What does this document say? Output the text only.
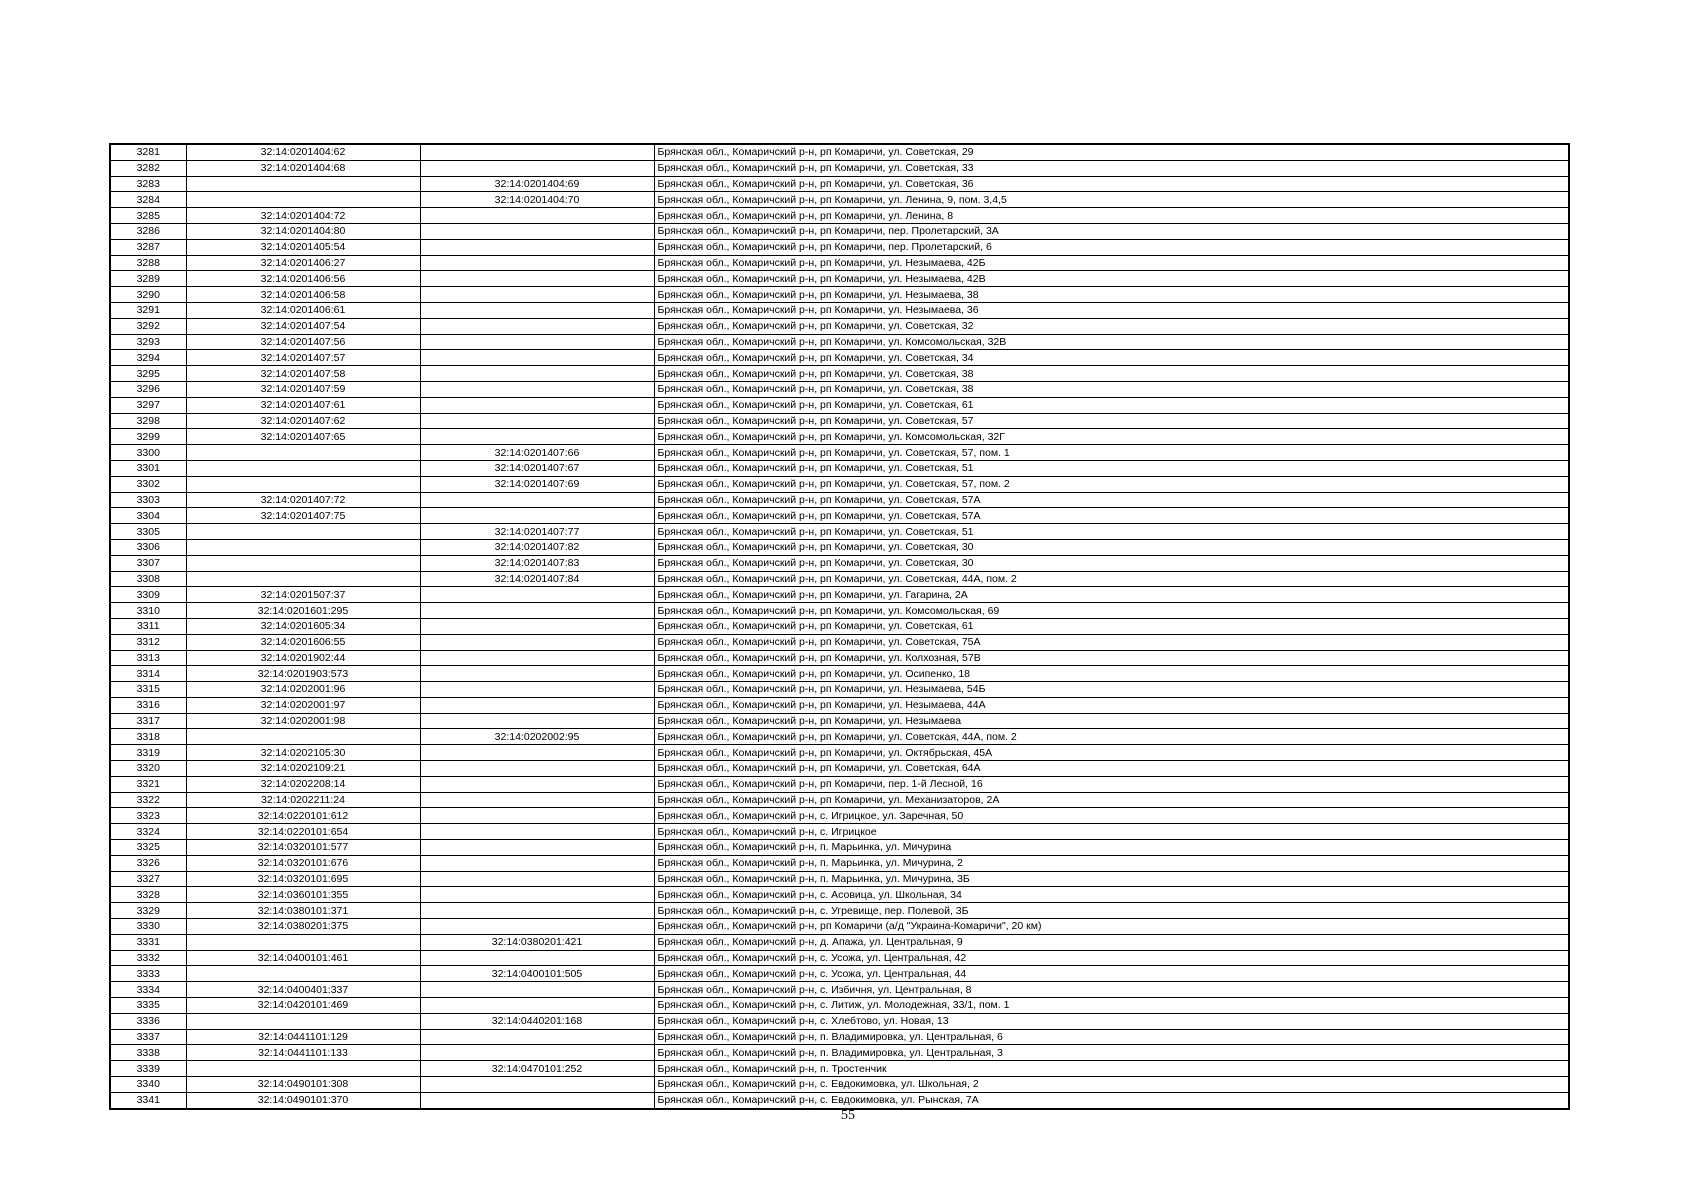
3281	32:14:0201404:62		Брянская обл., Комаричский р-н, рп Комаричи, ул. Советская, 29
3282	32:14:0201404:68		Брянская обл., Комаричский р-н, рп Комаричи, ул. Советская, 33
3283		32:14:0201404:69	Брянская обл., Комаричский р-н, рп Комаричи, ул. Советская, 36
3284		32:14:0201404:70	Брянская обл., Комаричский р-н, рп Комаричи, ул. Ленина, 9, пом. 3,4,5
3285	32:14:0201404:72		Брянская обл., Комаричский р-н, рп Комаричи, ул. Ленина, 8
3286	32:14:0201404:80		Брянская обл., Комаричский р-н, рп Комаричи, пер. Пролетарский, 3А
3287	32:14:0201405:54		Брянская обл., Комаричский р-н, рп Комаричи, пер. Пролетарский, 6
3288	32:14:0201406:27		Брянская обл., Комаричский р-н, рп Комаричи, ул. Незымаева, 42Б
3289	32:14:0201406:56		Брянская обл., Комаричский р-н, рп Комаричи, ул. Незымаева, 42В
3290	32:14:0201406:58		Брянская обл., Комаричский р-н, рп Комаричи, ул. Незымаева, 38
3291	32:14:0201406:61		Брянская обл., Комаричский р-н, рп Комаричи, ул. Незымаева, 36
3292	32:14:0201407:54		Брянская обл., Комаричский р-н, рп Комаричи, ул. Советская, 32
3293	32:14:0201407:56		Брянская обл., Комаричский р-н, рп Комаричи, ул. Комсомольская, 32В
3294	32:14:0201407:57		Брянская обл., Комаричский р-н, рп Комаричи, ул. Советская, 34
3295	32:14:0201407:58		Брянская обл., Комаричский р-н, рп Комаричи, ул. Советская, 38
3296	32:14:0201407:59		Брянская обл., Комаричский р-н, рп Комаричи, ул. Советская, 38
3297	32:14:0201407:61		Брянская обл., Комаричский р-н, рп Комаричи, ул. Советская, 61
3298	32:14:0201407:62		Брянская обл., Комаричский р-н, рп Комаричи, ул. Советская, 57
3299	32:14:0201407:65		Брянская обл., Комаричский р-н, рп Комаричи, ул. Комсомольская, 32Г
3300		32:14:0201407:66	Брянская обл., Комаричский р-н, рп Комаричи, ул. Советская, 57, пом. 1
3301		32:14:0201407:67	Брянская обл., Комаричский р-н, рп Комаричи, ул. Советская, 51
3302		32:14:0201407:69	Брянская обл., Комаричский р-н, рп Комаричи, ул. Советская, 57, пом. 2
3303	32:14:0201407:72		Брянская обл., Комаричский р-н, рп Комаричи, ул. Советская, 57А
3304	32:14:0201407:75		Брянская обл., Комаричский р-н, рп Комаричи, ул. Советская, 57А
3305		32:14:0201407:77	Брянская обл., Комаричский р-н, рп Комаричи, ул. Советская, 51
3306		32:14:0201407:82	Брянская обл., Комаричский р-н, рп Комаричи, ул. Советская, 30
3307		32:14:0201407:83	Брянская обл., Комаричский р-н, рп Комаричи, ул. Советская, 30
3308		32:14:0201407:84	Брянская обл., Комаричский р-н, рп Комаричи, ул. Советская, 44А, пом. 2
3309	32:14:0201507:37		Брянская обл., Комаричский р-н, рп Комаричи, ул. Гагарина, 2А
3310	32:14:0201601:295		Брянская обл., Комаричский р-н, рп Комаричи, ул. Комсомольская, 69
3311	32:14:0201605:34		Брянская обл., Комаричский р-н, рп Комаричи, ул. Советская, 61
3312	32:14:0201606:55		Брянская обл., Комаричский р-н, рп Комаричи, ул. Советская, 75А
3313	32:14:0201902:44		Брянская обл., Комаричский р-н, рп Комаричи, ул. Колхозная, 57В
3314	32:14:0201903:573		Брянская обл., Комаричский р-н, рп Комаричи, ул. Осипенко, 18
3315	32:14:0202001:96		Брянская обл., Комаричский р-н, рп Комаричи, ул. Незымаева, 54Б
3316	32:14:0202001:97		Брянская обл., Комаричский р-н, рп Комаричи, ул. Незымаева, 44А
3317	32:14:0202001:98		Брянская обл., Комаричский р-н, рп Комаричи, ул. Незымаева
3318		32:14:0202002:95	Брянская обл., Комаричский р-н, рп Комаричи, ул. Советская, 44А, пом. 2
3319	32:14:0202105:30		Брянская обл., Комаричский р-н, рп Комаричи, ул. Октябрьская, 45А
3320	32:14:0202109:21		Брянская обл., Комаричский р-н, рп Комаричи, ул. Советская, 64А
3321	32:14:0202208:14		Брянская обл., Комаричский р-н, рп Комаричи, пер. 1-й Лесной, 16
3322	32:14:0202211:24		Брянская обл., Комаричский р-н, рп Комаричи, ул. Механизаторов, 2А
3323	32:14:0220101:612		Брянская обл., Комаричский р-н, с. Игрицкое, ул. Заречная, 50
3324	32:14:0220101:654		Брянская обл., Комаричский р-н, с. Игрицкое
3325	32:14:0320101:577		Брянская обл., Комаричский р-н, п. Марьинка, ул. Мичурина
3326	32:14:0320101:676		Брянская обл., Комаричский р-н, п. Марьинка, ул. Мичурина, 2
3327	32:14:0320101:695		Брянская обл., Комаричский р-н, п. Марьинка, ул. Мичурина, 3Б
3328	32:14:0360101:355		Брянская обл., Комаричский р-н, с. Асовица, ул. Школьная, 34
3329	32:14:0380101:371		Брянская обл., Комаричский р-н, с. Угревище, пер. Полевой, 3Б
3330	32:14:0380201:375		Брянская обл., Комаричский р-н, рп Комаричи (а/д "Украина-Комаричи", 20 км)
3331		32:14:0380201:421	Брянская обл., Комаричский р-н, д. Апажа, ул. Центральная, 9
3332	32:14:0400101:461		Брянская обл., Комаричский р-н, с. Усожа, ул. Центральная, 42
3333		32:14:0400101:505	Брянская обл., Комаричский р-н, с. Усожа, ул. Центральная, 44
3334	32:14:0400401:337		Брянская обл., Комаричский р-н, с. Избичня, ул. Центральная, 8
3335	32:14:0420101:469		Брянская обл., Комаричский р-н, с. Литиж, ул. Молодежная, 33/1, пом. 1
3336		32:14:0440201:168	Брянская обл., Комаричский р-н, с. Хлебтово, ул. Новая, 13
3337	32:14:0441101:129		Брянская обл., Комаричский р-н, п. Владимировка, ул. Центральная, 6
3338	32:14:0441101:133		Брянская обл., Комаричский р-н, п. Владимировка, ул. Центральная, 3
3339		32:14:0470101:252	Брянская обл., Комаричский р-н, п. Тростенчик
3340	32:14:0490101:308		Брянская обл., Комаричский р-н, с. Евдокимовка, ул. Школьная, 2
3341	32:14:0490101:370		Брянская обл., Комаричский р-н, с. Евдокимовка, ул. Рынская, 7А
55
